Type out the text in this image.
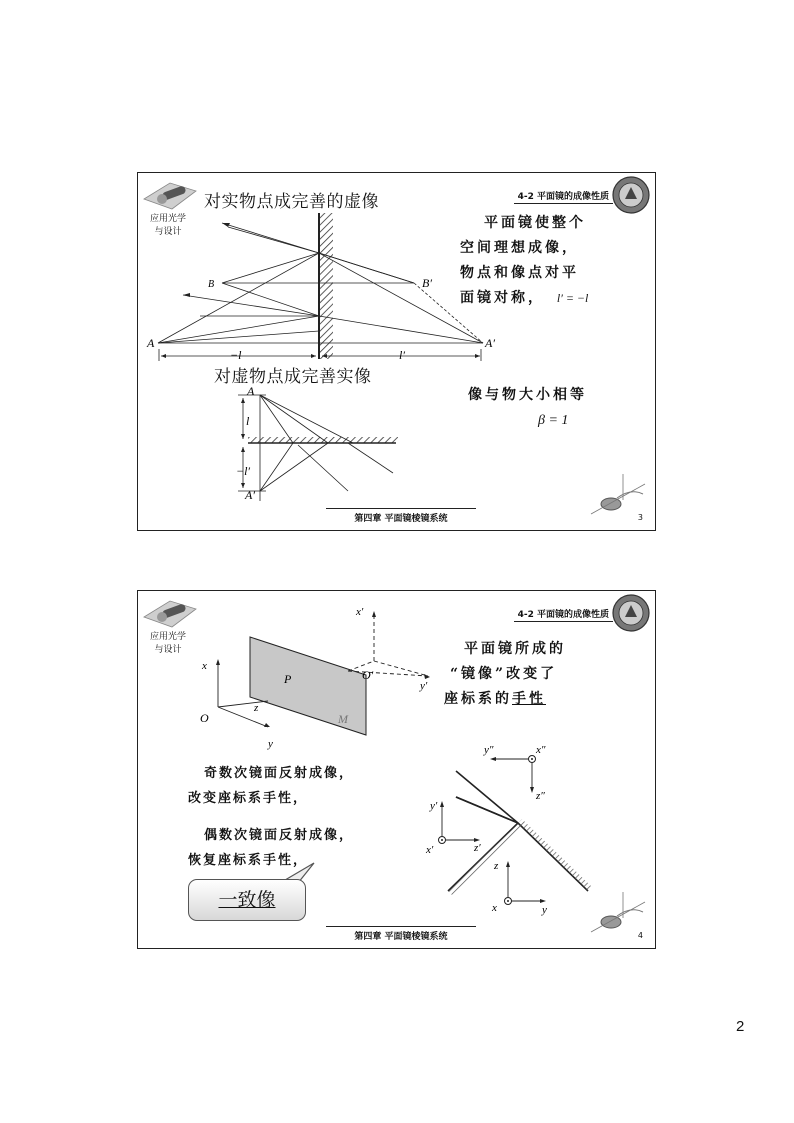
应用光学
与设计
4-2 平面镜的成像性质
对实物点成完善的虚像
平面镜使整个
空间理想成像，
物点和像点对平
面镜对称， l′ = −l
B	B′
A	A′
−l	l′
对虚物点成完善实像
A
l
−l′
A′
像与物大小相等
β = 1
第四章 平面镜棱镜系统	3
应用光学
与设计
4-2 平面镜的成像性质
x
O
y
z
P
M
x′
O′
y′
平面镜所成的
“镜像”改变了
座标系的手性
奇数次镜面反射成像，
改变座标系手性，
偶数次镜面反射成像，
恢复座标系手性，
一致像
y″	x″
z″
y′
x′	z′
z
x	y
第四章 平面镜棱镜系统	4
2
